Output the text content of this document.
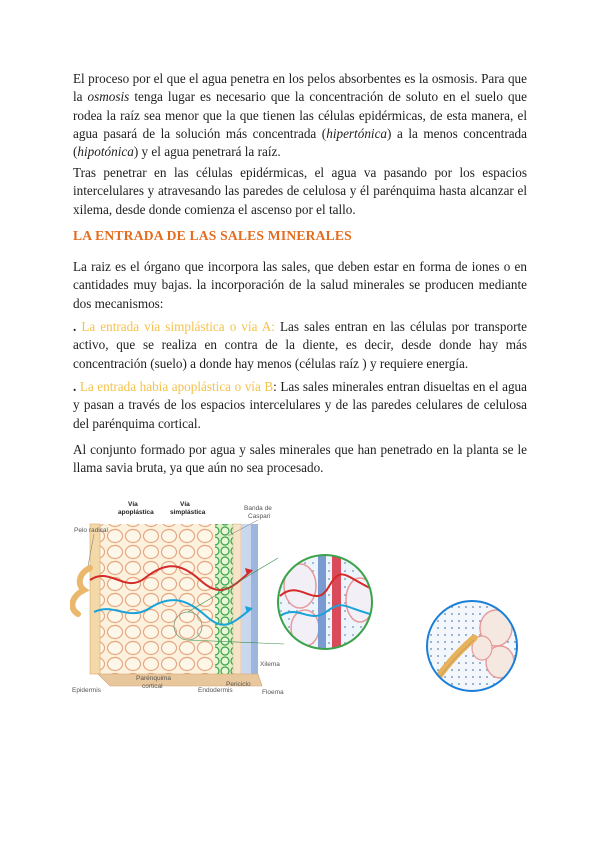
El proceso por el que el agua penetra en los pelos absorbentes es la osmosis. Para que la osmosis tenga lugar es necesario que la concentración de soluto en el suelo que rodea la raíz sea menor que la que tienen las células epidérmicas, de esta manera, el agua pasará de la solución más concentrada (hipertónica) a la menos concentrada (hipotónica) y el agua penetrará la raíz.

Tras penetrar en las células epidérmicas, el agua va pasando por los espacios intercelulares y atravesando las paredes de celulosa y él parénquima hasta alcanzar el xilema, desde donde comienza el ascenso por el tallo.

LA ENTRADA DE LAS SALES MINERALES

La raiz es el órgano que incorpora las sales, que deben estar en forma de iones o en cantidades muy bajas. la incorporación de la salud minerales se producen mediante dos mecanismos:

. La entrada vía simplástica o vía A: Las sales entran en las células por transporte activo, que se realiza en contra de la diente, es decir, desde donde hay más concentración (suelo) a donde hay menos (células raíz ) y requiere energía.

. La entrada habia apoplástica o vía B: Las sales minerales entran disueltas en el agua y pasan a través de los espacios intercelulares y de las paredes celulares de celulosa del parénquima cortical.

Al conjunto formado por agua y sales minerales que han penetrado en la planta se le llama savia bruta, ya que aún no sea procesado.

Vía
apoplástica
Vía
simplástica
Banda de
Caspari
Pelo radical
Xilema
Epidermis
Parénquima
cortical
Endodermis
Periciclo
Floema
